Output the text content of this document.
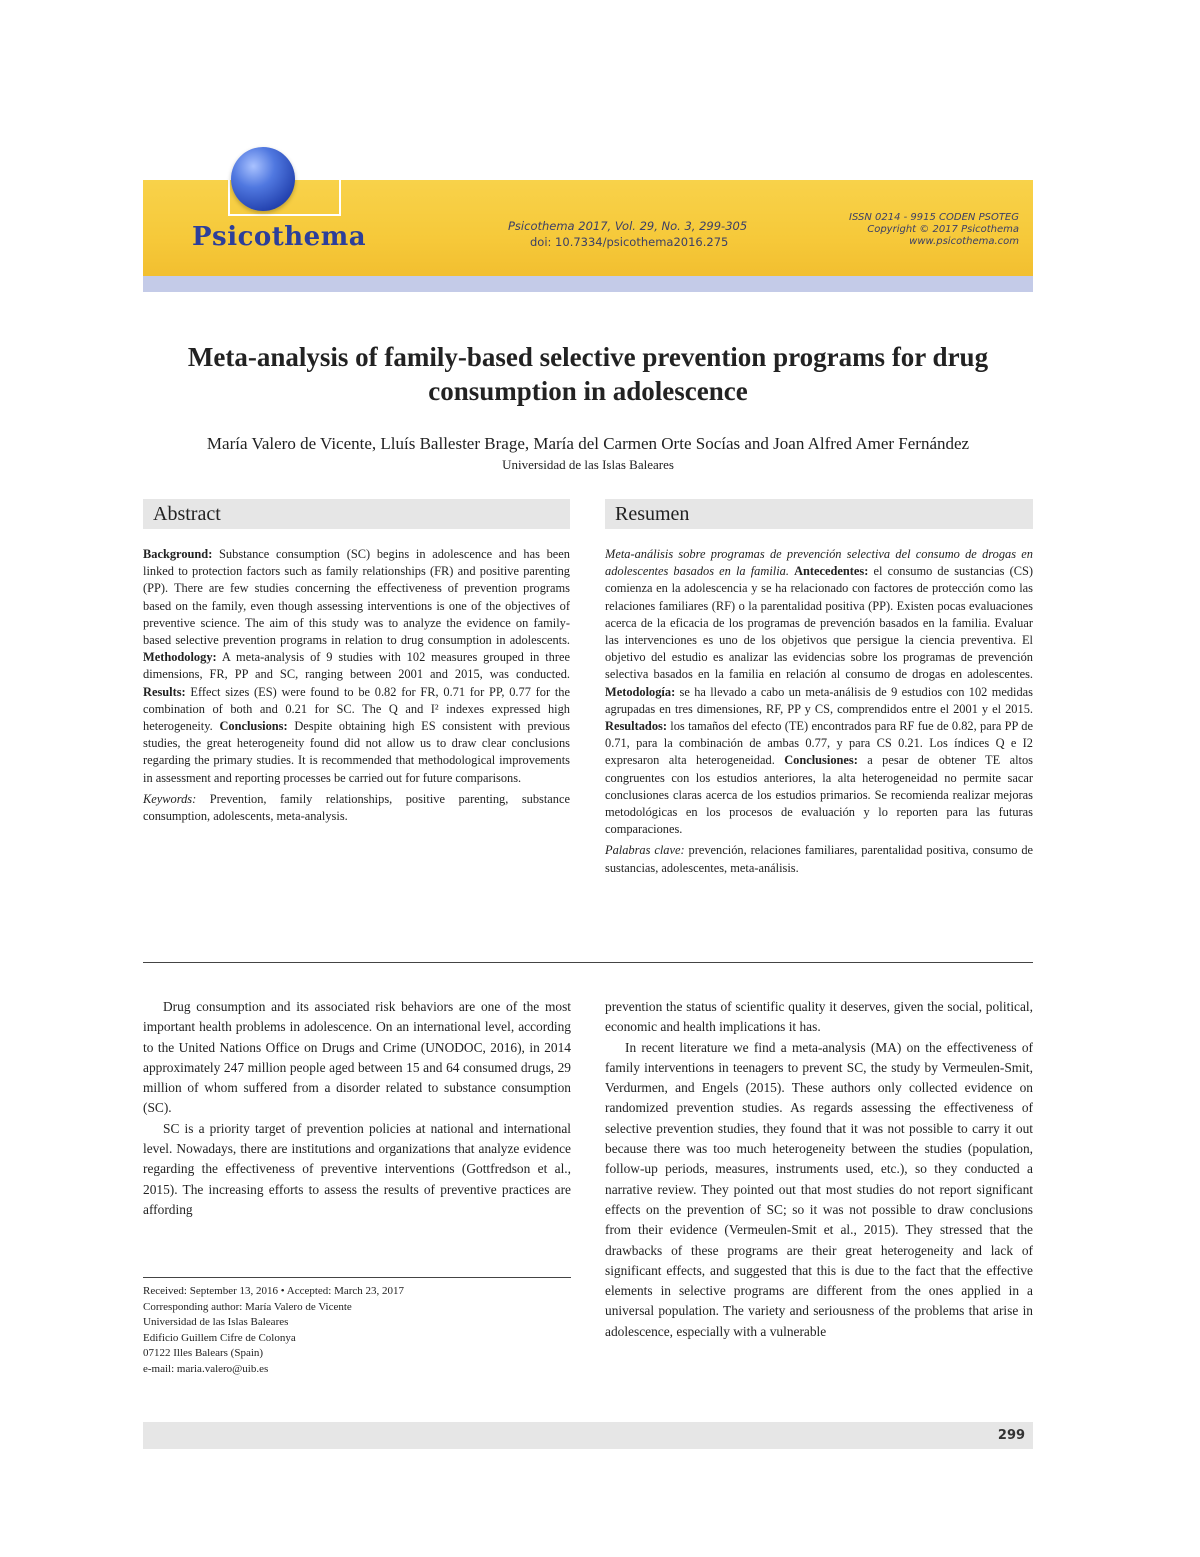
Psicothema	Psicothema 2017, Vol. 29, No. 3, 299-305
doi: 10.7334/psicothema2016.275
ISSN 0214 - 9915 CODEN PSOTEG
Copyright © 2017 Psicothema
www.psicothema.com
Meta-analysis of family-based selective prevention programs for drug consumption in adolescence
María Valero de Vicente, Lluís Ballester Brage, María del Carmen Orte Socías and Joan Alfred Amer Fernández
Universidad de las Islas Baleares
Abstract	Resumen

Background: Substance consumption (SC) begins in adolescence and has been linked to protection factors such as family relationships (FR) and positive parenting (PP). There are few studies concerning the effectiveness of prevention programs based on the family, even though assessing interventions is one of the objectives of preventive science. The aim of this study was to analyze the evidence on family-based selective prevention programs in relation to drug consumption in adolescents. Methodology: A meta-analysis of 9 studies with 102 measures grouped in three dimensions, FR, PP and SC, ranging between 2001 and 2015, was conducted. Results: Effect sizes (ES) were found to be 0.82 for FR, 0.71 for PP, 0.77 for the combination of both and 0.21 for SC. The Q and I² indexes expressed high heterogeneity. Conclusions: Despite obtaining high ES consistent with previous studies, the great heterogeneity found did not allow us to draw clear conclusions regarding the primary studies. It is recommended that methodological improvements in assessment and reporting processes be carried out for future comparisons.

Keywords: Prevention, family relationships, positive parenting, substance consumption, adolescents, meta-analysis.

Meta-análisis sobre programas de prevención selectiva del consumo de drogas en adolescentes basados en la familia. Antecedentes: el consumo de sustancias (CS) comienza en la adolescencia y se ha relacionado con factores de protección como las relaciones familiares (RF) o la parentalidad positiva (PP). Existen pocas evaluaciones acerca de la eficacia de los programas de prevención basados en la familia. Evaluar las intervenciones es uno de los objetivos que persigue la ciencia preventiva. El objetivo del estudio es analizar las evidencias sobre los programas de prevención selectiva basados en la familia en relación al consumo de drogas en adolescentes. Metodología: se ha llevado a cabo un meta-análisis de 9 estudios con 102 medidas agrupadas en tres dimensiones, RF, PP y CS, comprendidos entre el 2001 y el 2015. Resultados: los tamaños del efecto (TE) encontrados para RF fue de 0.82, para PP de 0.71, para la combinación de ambas 0.77, y para CS 0.21. Los índices Q e I2 expresaron alta heterogeneidad. Conclusiones: a pesar de obtener TE altos congruentes con los estudios anteriores, la alta heterogeneidad no permite sacar conclusiones claras acerca de los estudios primarios. Se recomienda realizar mejoras metodológicas en los procesos de evaluación y lo reporten para las futuras comparaciones.

Palabras clave: prevención, relaciones familiares, parentalidad positiva, consumo de sustancias, adolescentes, meta-análisis.

Drug consumption and its associated risk behaviors are one of the most important health problems in adolescence. On an international level, according to the United Nations Office on Drugs and Crime (UNODOC, 2016), in 2014 approximately 247 million people aged between 15 and 64 consumed drugs, 29 million of whom suffered from a disorder related to substance consumption (SC).

SC is a priority target of prevention policies at national and international level. Nowadays, there are institutions and organizations that analyze evidence regarding the effectiveness of preventive interventions (Gottfredson et al., 2015). The increasing efforts to assess the results of preventive practices are affording

prevention the status of scientific quality it deserves, given the social, political, economic and health implications it has.

In recent literature we find a meta-analysis (MA) on the effectiveness of family interventions in teenagers to prevent SC, the study by Vermeulen-Smit, Verdurmen, and Engels (2015). These authors only collected evidence on randomized prevention studies. As regards assessing the effectiveness of selective prevention studies, they found that it was not possible to carry it out because there was too much heterogeneity between the studies (population, follow-up periods, measures, instruments used, etc.), so they conducted a narrative review. They pointed out that most studies do not report significant effects on the prevention of SC; so it was not possible to draw conclusions from their evidence (Vermeulen-Smit et al., 2015). They stressed that the drawbacks of these programs are their great heterogeneity and lack of significant effects, and suggested that this is due to the fact that the effective elements in selective programs are different from the ones applied in a universal population. The variety and seriousness of the problems that arise in adolescence, especially with a vulnerable

Received: September 13, 2016 • Accepted: March 23, 2017
Corresponding author: María Valero de Vicente
Universidad de las Islas Baleares
Edificio Guillem Cifre de Colonya
07122 Illes Balears (Spain)
e-mail: maria.valero@uib.es
299
